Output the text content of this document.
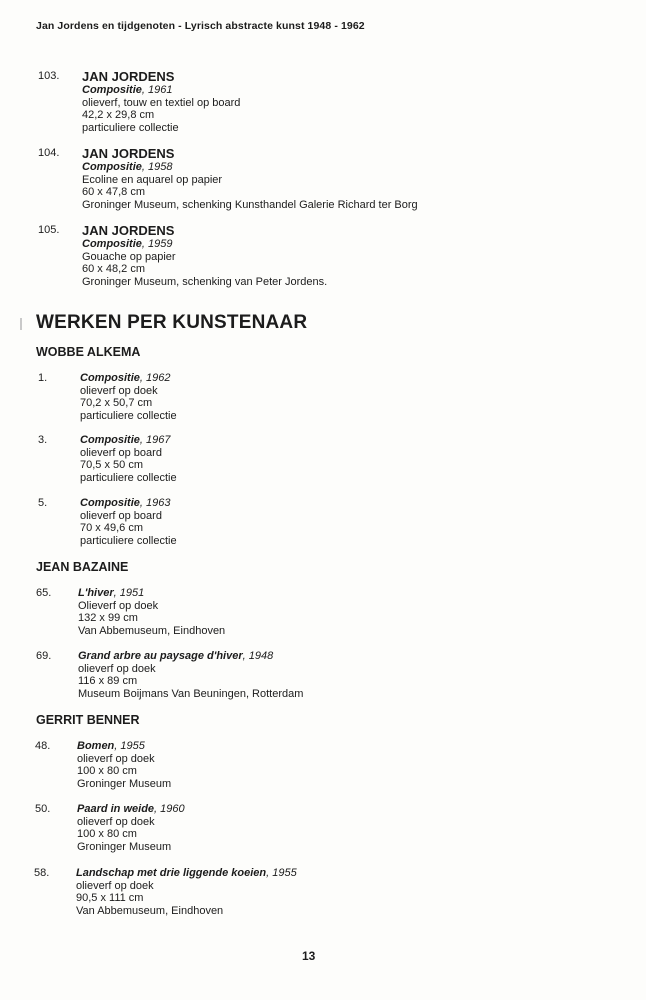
Jan Jordens en tijdgenoten - Lyrisch abstracte kunst 1948 - 1962
103. JAN JORDENS
Compositie, 1961
olieverf, touw en textiel op board
42,2 x 29,8 cm
particuliere collectie
104. JAN JORDENS
Compositie, 1958
Ecoline en aquarel op papier
60 x 47,8 cm
Groninger Museum, schenking Kunsthandel Galerie Richard ter Borg
105. JAN JORDENS
Compositie, 1959
Gouache op papier
60 x 48,2 cm
Groninger Museum, schenking van Peter Jordens.
WERKEN PER KUNSTENAAR
WOBBE ALKEMA
1.	Compositie, 1962
olieverf op doek
70,2 x 50,7 cm
particuliere collectie
3.	Compositie, 1967
olieverf op board
70,5 x 50 cm
particuliere collectie
5.	Compositie, 1963
olieverf op board
70 x 49,6 cm
particuliere collectie
JEAN BAZAINE
65. L'hiver, 1951
Olieverf op doek
132 x 99 cm
Van Abbemuseum, Eindhoven
69. Grand arbre au paysage d'hiver, 1948
olieverf op doek
116 x 89 cm
Museum Boijmans Van Beuningen, Rotterdam
GERRIT BENNER
48. Bomen, 1955
olieverf op doek
100 x 80 cm
Groninger Museum
50. Paard in weide, 1960
olieverf op doek
100 x 80 cm
Groninger Museum
58. Landschap met drie liggende koeien, 1955
olieverf op doek
90,5 x 111 cm
Van Abbemuseum, Eindhoven
13
